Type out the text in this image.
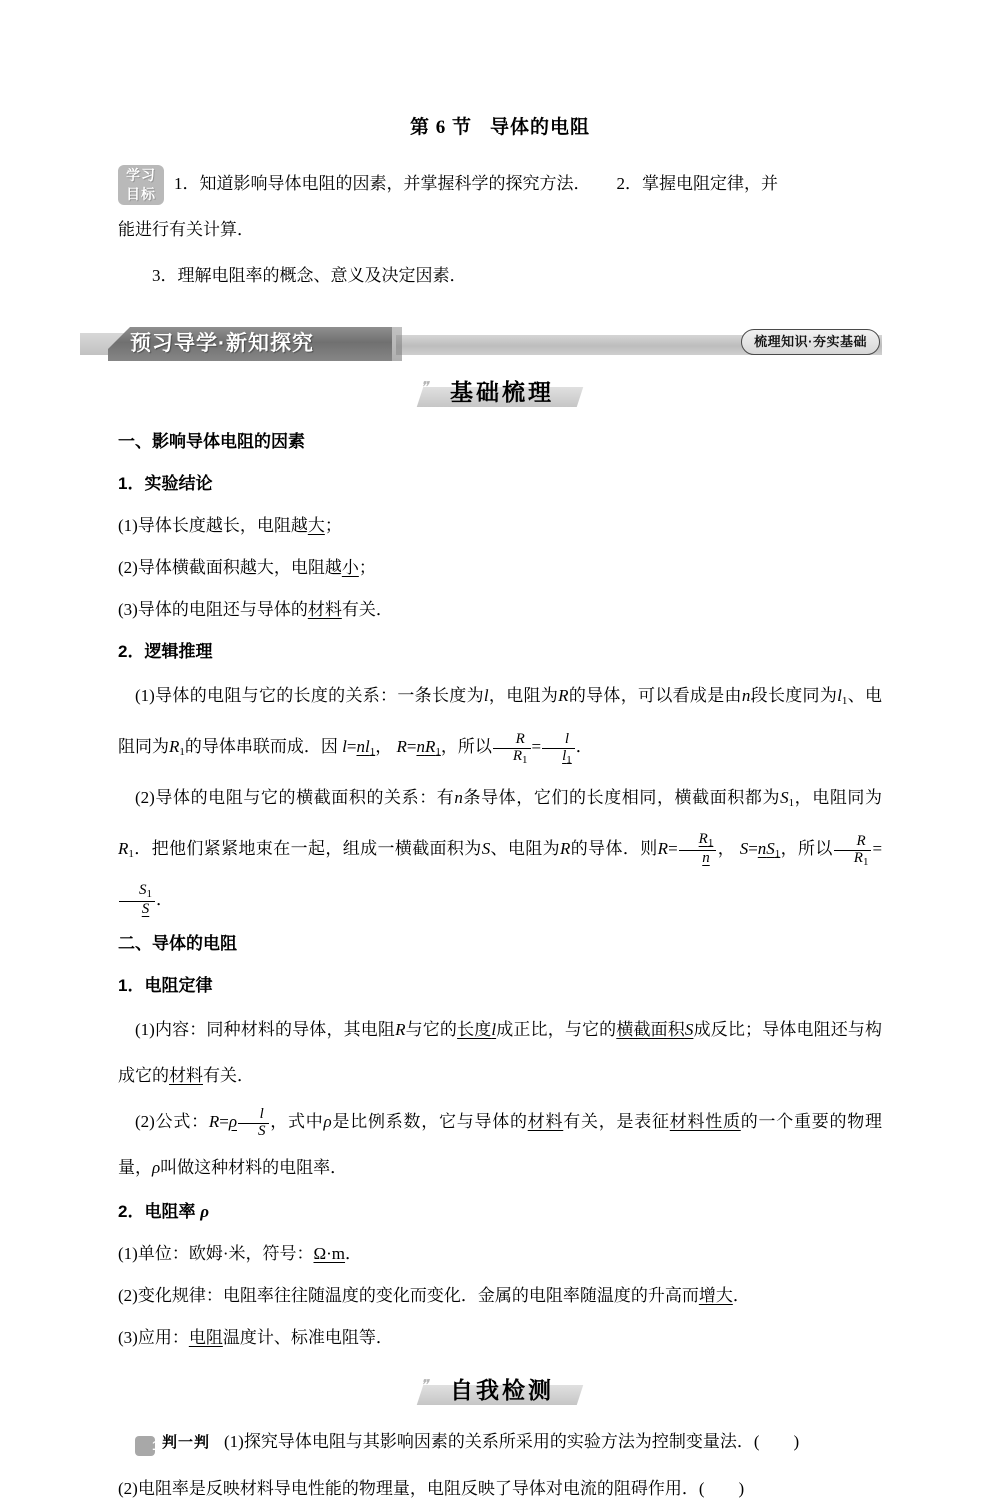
第 6 节 导体的电阻
学习
目标
1．知道影响导体电阻的因素，并掌握科学的探究方法． 2．掌握电阻定律，并
能进行有关计算．
3．理解电阻率的概念、意义及决定因素．
预习导学·新知探究	梳理知识·夯实基础
❞ 基础梳理
一、影响导体电阻的因素
1．实验结论
(1)导体长度越长，电阻越大；
(2)导体横截面积越大，电阻越小；
(3)导体的电阻还与导体的材料有关．
2．逻辑推理
(1)导体的电阻与它的长度的关系：一条长度为l，电阻为R的导体，可以看成是由n段长度同为$l_1$、电阻同为$R_1$的导体串联而成．因 $l=nl_1$， $R=nR_1$，所以 $\frac{R}{R_1} = \frac{l}{l_1}$ ．
(2)导体的电阻与它的横截面积的关系：有n条导体，它们的长度相同，横截面积都为$S_1$，电阻同为$R_1$．把他们紧紧地束在一起，组成一横截面积为S、电阻为R的导体．则$R= \frac{R_1}{n}$ ， $S=nS_1$，所以 $\frac{R}{R_1}$ =
$\frac{S_1}{S}$ ．
二、导体的电阻
1．电阻定律
(1)内容：同种材料的导体，其电阻R与它的长度l成正比，与它的横截面积S成反比；导体电阻还与构成它的材料有关．
(2)公式：$R=\rho \frac{l}{S}$ ，式中ρ是比例系数，它与导体的材料有关，是表征材料性质的一个重要的物理量，ρ叫做这种材料的电阻率．
2．电阻率 ρ
(1)单位：欧姆·米，符号：Ω·m．
(2)变化规律：电阻率往往随温度的变化而变化．金属的电阻率随温度的升高而增大．
(3)应用：电阻温度计、标准电阻等．
❞ 自我检测
1 判一判 (1)探究导体电阻与其影响因素的关系所采用的实验方法为控制变量法．( )
(2)电阻率是反映材料导电性能的物理量，电阻反映了导体对电流的阻碍作用．( )
